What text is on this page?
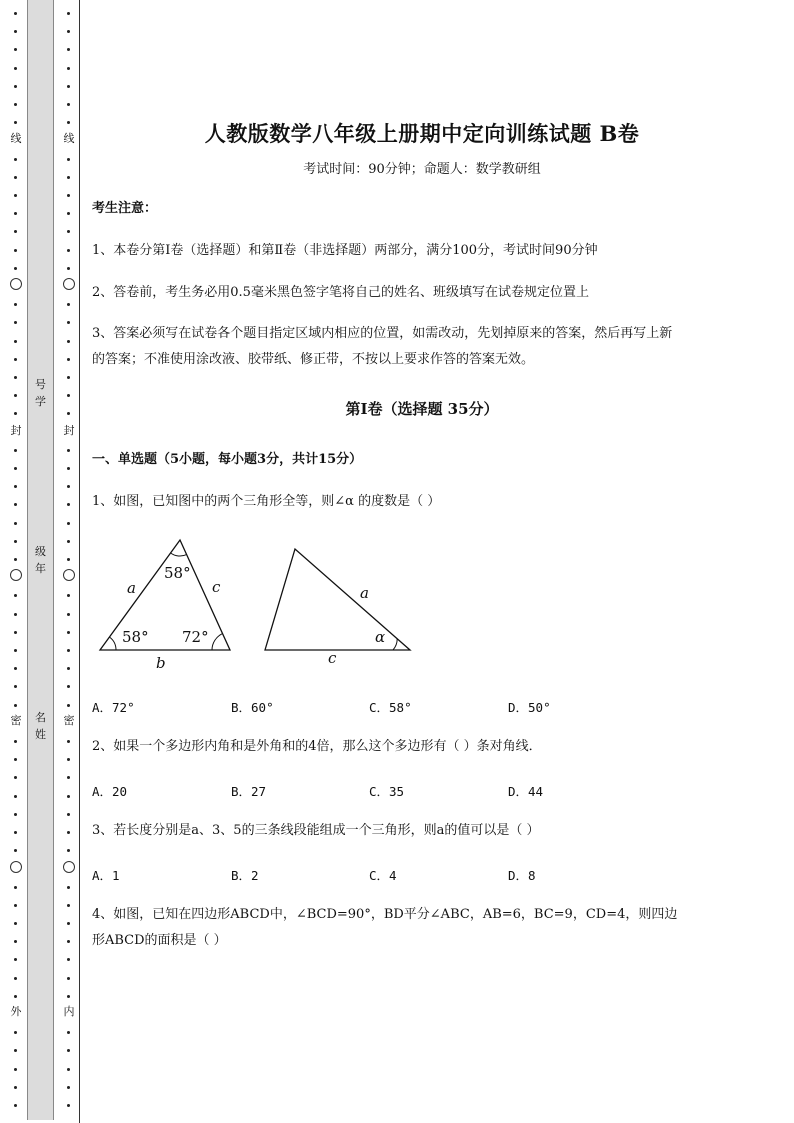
线
封
密
外
号
学
级
年
名
姓
线
封
密
内
人教版数学八年级上册期中定向训练试题 B卷
考试时间：90分钟；命题人：数学教研组
考生注意：
1、本卷分第I卷（选择题）和第Ⅱ卷（非选择题）两部分，满分100分，考试时间90分钟
2、答卷前，考生务必用0.5毫米黑色签字笔将自己的姓名、班级填写在试卷规定位置上
3、答案必须写在试卷各个题目指定区域内相应的位置，如需改动，先划掉原来的答案，然后再写上新
的答案；不准使用涂改液、胶带纸、修正带，不按以上要求作答的答案无效。
第I卷（选择题 35分）
一、单选题（5小题，每小题3分，共计15分）
1、如图，已知图中的两个三角形全等，则∠α 的度数是（ ）
58°
58° 72°
a	c
b
a
α
c
A．72°	B．60°	C．58°	D．50°
2、如果一个多边形内角和是外角和的4倍，那么这个多边形有（ ）条对角线．
A．20	B．27	C．35	D．44
3、若长度分别是a、3、5的三条线段能组成一个三角形，则a的值可以是（ ）
A．1	B．2	C．4	D．8
4、如图，已知在四边形ABCD中，∠BCD=90°，BD平分∠ABC，AB=6，BC=9，CD=4，则四边
形ABCD的面积是（ ）
